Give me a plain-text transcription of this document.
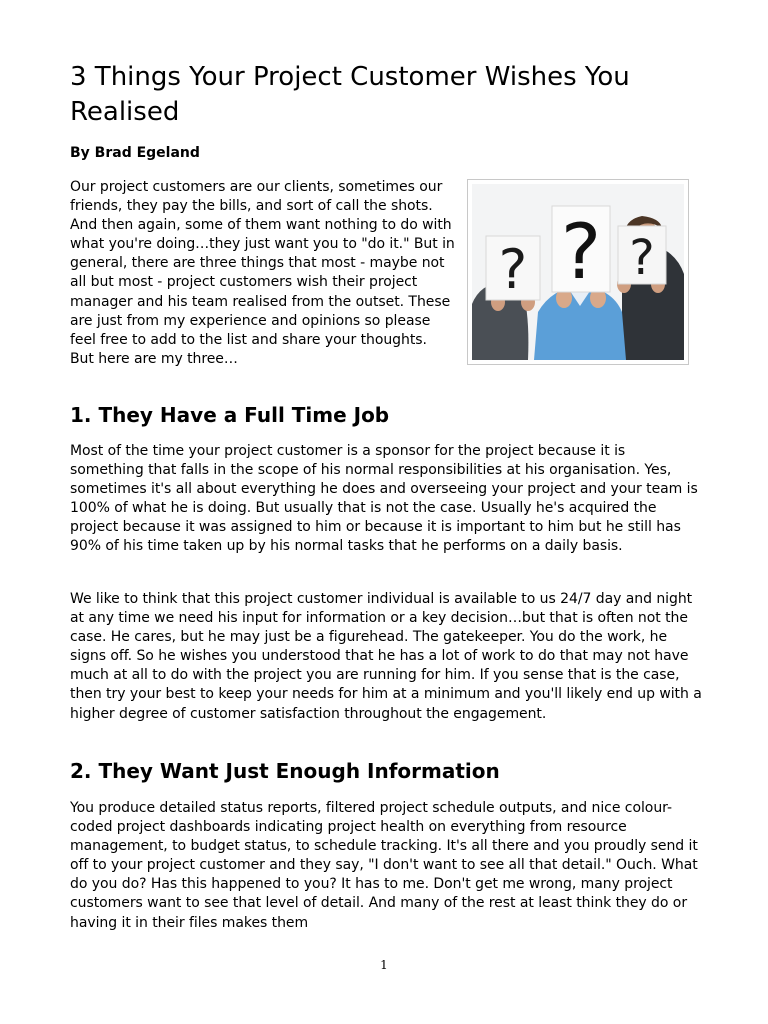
3 Things Your Project Customer Wishes You Realised

By Brad Egeland

Our project customers are our clients, sometimes our friends, they pay the bills, and sort of call the shots. And then again, some of them want nothing to do with what you're doing…they just want you to "do it." But in general, there are three things that most - maybe not all but most - project customers wish their project manager and his team realised from the outset. These are just from my experience and opinions so please feel free to add to the list and share your thoughts. But here are my three…

? ? ?
1. They Have a Full Time Job

Most of the time your project customer is a sponsor for the project because it is something that falls in the scope of his normal responsibilities at his organisation. Yes, sometimes it's all about everything he does and overseeing your project and your team is 100% of what he is doing. But usually that is not the case. Usually he's acquired the project because it was assigned to him or because it is important to him but he still has 90% of his time taken up by his normal tasks that he performs on a daily basis.

We like to think that this project customer individual is available to us 24/7 day and night at any time we need his input for information or a key decision…but that is often not the case. He cares, but he may just be a figurehead. The gatekeeper. You do the work, he signs off. So he wishes you understood that he has a lot of work to do that may not have much at all to do with the project you are running for him. If you sense that is the case, then try your best to keep your needs for him at a minimum and you'll likely end up with a higher degree of customer satisfaction throughout the engagement.

2. They Want Just Enough Information

You produce detailed status reports, filtered project schedule outputs, and nice colour-coded project dashboards indicating project health on everything from resource management, to budget status, to schedule tracking. It's all there and you proudly send it off to your project customer and they say, "I don't want to see all that detail." Ouch. What do you do? Has this happened to you? It has to me. Don't get me wrong, many project customers want to see that level of detail. And many of the rest at least think they do or having it in their files makes them

1
